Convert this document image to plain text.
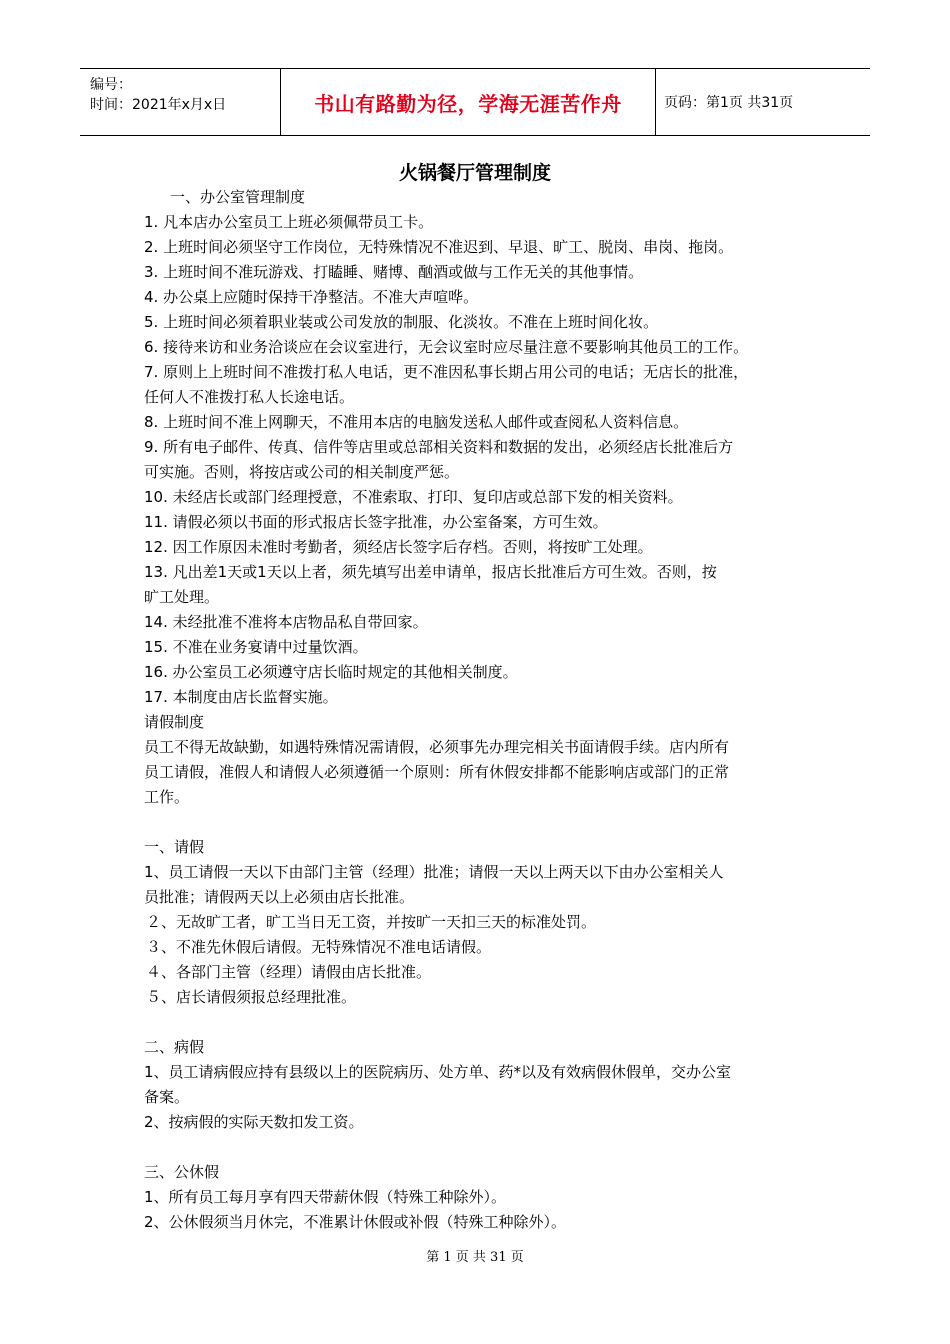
编号：
时间：2021年x月x日	书山有路勤为径，学海无涯苦作舟	页码：第1页 共31页
火锅餐厅管理制度

一、办公室管理制度

1. 凡本店办公室员工上班必须佩带员工卡。

2. 上班时间必须坚守工作岗位，无特殊情况不准迟到、早退、旷工、脱岗、串岗、拖岗。

3. 上班时间不准玩游戏、打瞌睡、赌博、酗酒或做与工作无关的其他事情。

4. 办公桌上应随时保持干净整洁。不准大声喧哗。

5. 上班时间必须着职业装或公司发放的制服、化淡妆。不准在上班时间化妆。

6. 接待来访和业务洽谈应在会议室进行，无会议室时应尽量注意不要影响其他员工的工作。

7. 原则上上班时间不准拨打私人电话，更不准因私事长期占用公司的电话；无店长的批准，

任何人不准拨打私人长途电话。

8. 上班时间不准上网聊天，不准用本店的电脑发送私人邮件或查阅私人资料信息。

9. 所有电子邮件、传真、信件等店里或总部相关资料和数据的发出，必须经店长批准后方

可实施。否则，将按店或公司的相关制度严惩。

10. 未经店长或部门经理授意，不准索取、打印、复印店或总部下发的相关资料。

11. 请假必须以书面的形式报店长签字批准，办公室备案，方可生效。

12. 因工作原因未准时考勤者，须经店长签字后存档。否则，将按旷工处理。

13. 凡出差1天或1天以上者，须先填写出差申请单，报店长批准后方可生效。否则，按

旷工处理。

14. 未经批准不准将本店物品私自带回家。

15. 不准在业务宴请中过量饮酒。

16. 办公室员工必须遵守店长临时规定的其他相关制度。

17. 本制度由店长监督实施。

请假制度

员工不得无故缺勤，如遇特殊情况需请假，必须事先办理完相关书面请假手续。店内所有

员工请假，准假人和请假人必须遵循一个原则：所有休假安排都不能影响店或部门的正常

工作。

一、请假

1、员工请假一天以下由部门主管（经理）批准；请假一天以上两天以下由办公室相关人

员批准；请假两天以上必须由店长批准。

２、无故旷工者，旷工当日无工资，并按旷一天扣三天的标准处罚。

３、不准先休假后请假。无特殊情况不准电话请假。

４、各部门主管（经理）请假由店长批准。

５、店长请假须报总经理批准。

二、病假

1、员工请病假应持有县级以上的医院病历、处方单、药*以及有效病假休假单，交办公室

备案。

2、按病假的实际天数扣发工资。

三、公休假

1、所有员工每月享有四天带薪休假（特殊工种除外）。

2、公休假须当月休完，不准累计休假或补假（特殊工种除外）。

第 1 页 共 31 页
